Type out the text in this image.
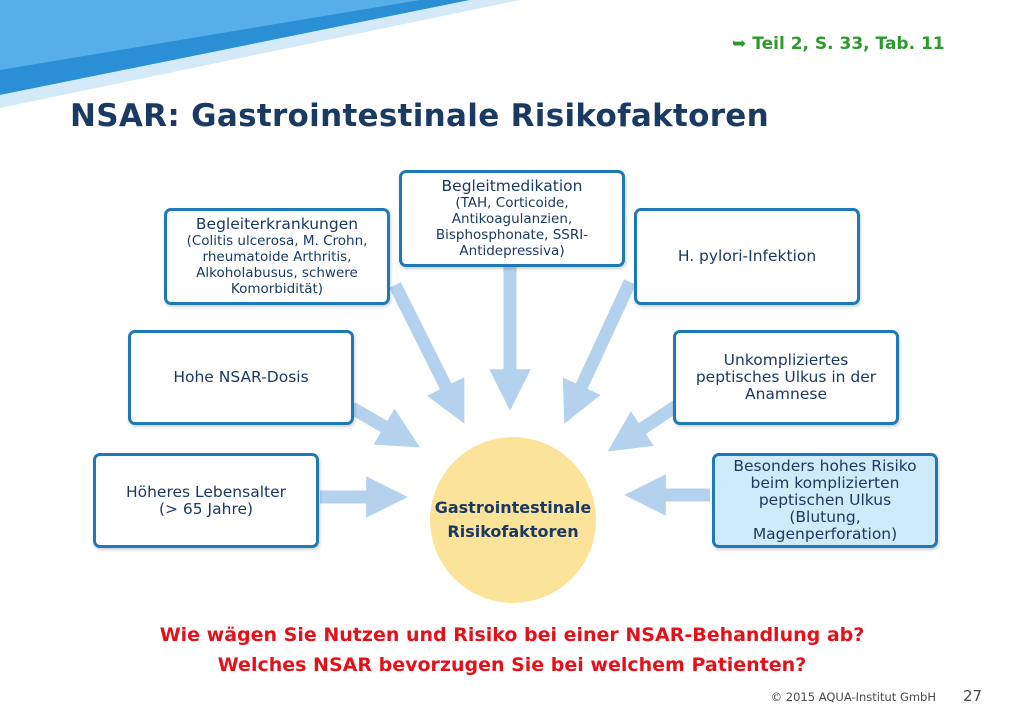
➥ Teil 2, S. 33, Tab. 11
NSAR: Gastrointestinale Risikofaktoren
Begleiterkrankungen
(Colitis ulcerosa, M. Crohn,
rheumatoide Arthritis,
Alkoholabusus, schwere
Komorbidität)
Begleitmedikation
(TAH, Corticoide,
Antikoagulanzien,
Bisphosphonate, SSRI-
Antidepressiva)	H. pylori-Infektion
Hohe NSAR-Dosis
Unkompliziertes
peptisches Ulkus in der
Anamnese
Höheres Lebensalter
(> 65 Jahre)
Besonders hohes Risiko
beim komplizierten
peptischen Ulkus
(Blutung,
Magenperforation)
Gastrointestinale
Risikofaktoren
Wie wägen Sie Nutzen und Risiko bei einer NSAR-Behandlung ab?
Welches NSAR bevorzugen Sie bei welchem Patienten?
© 2015 AQUA-Institut GmbH 27
